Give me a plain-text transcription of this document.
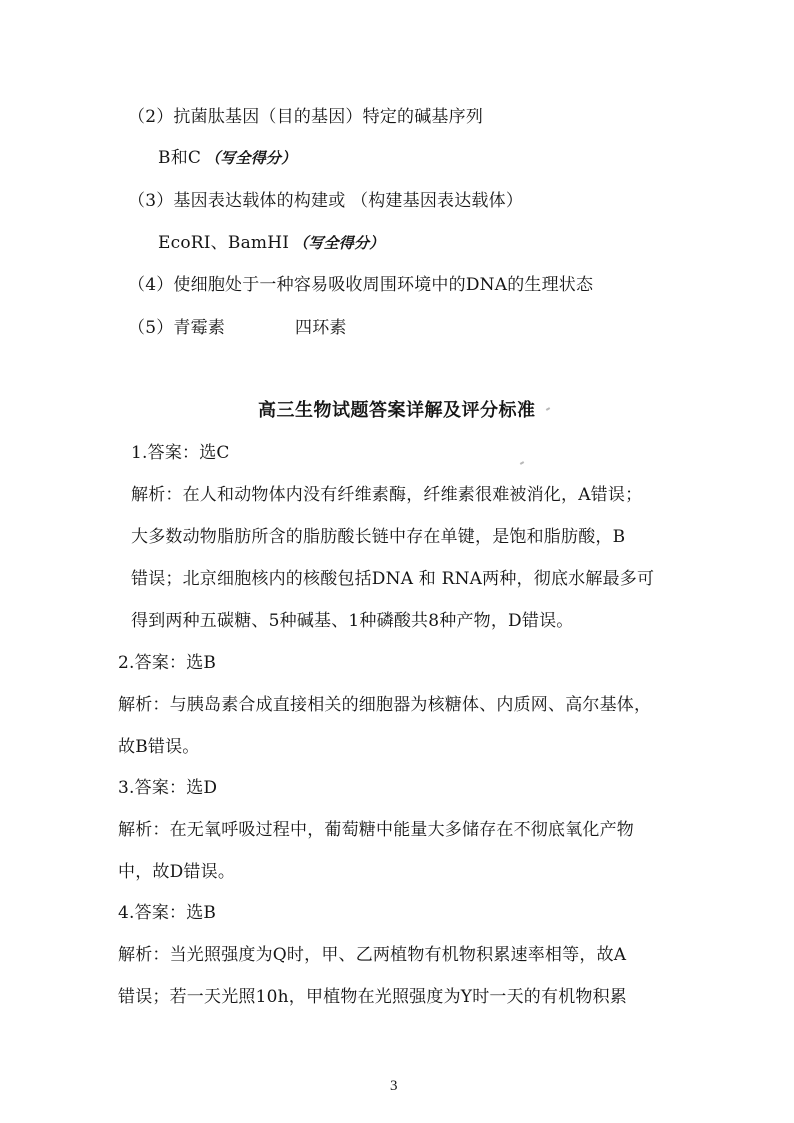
（2）抗菌肽基因（目的基因）特定的碱基序列
B和C （写全得分）
（3）基因表达载体的构建或 （构建基因表达载体）
EcoRⅠ、BamHⅠ （写全得分）
（4）使细胞处于一种容易吸收周围环境中的DNA的生理状态
（5）青霉素	四环素
高三生物试题答案详解及评分标准
1.答案：选C
解析：在人和动物体内没有纤维素酶，纤维素很难被消化，A错误；
大多数动物脂肪所含的脂肪酸长链中存在单键，是饱和脂肪酸，B
错误；北京细胞核内的核酸包括DNA 和 RNA两种，彻底水解最多可
得到两种五碳糖、5种碱基、1种磷酸共8种产物，D错误。
2.答案：选B
解析：与胰岛素合成直接相关的细胞器为核糖体、内质网、高尔基体，
故B错误。
3.答案：选D
解析：在无氧呼吸过程中，葡萄糖中能量大多储存在不彻底氧化产物
中，故D错误。
4.答案：选B
解析：当光照强度为Q时，甲、乙两植物有机物积累速率相等，故A
错误；若一天光照10h，甲植物在光照强度为Y时一天的有机物积累
3
